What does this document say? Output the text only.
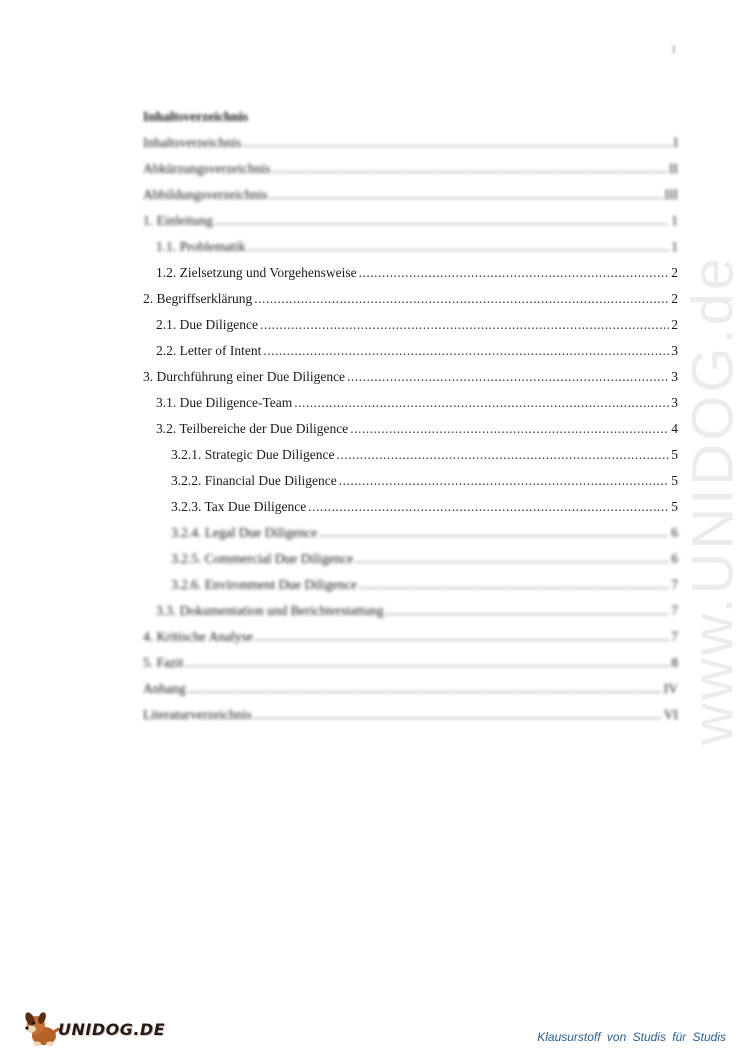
I
www.UNIDOG.de
Inhaltsverzeichnis
Inhaltsverzeichnis .....	I
Abkürzungsverzeichnis .....	II
Abbildungsverzeichnis .....	III
1. Einleitung .....	1
1.1. Problematik .....	1
1.2. Zielsetzung und Vorgehensweise .....	2
2. Begriffserklärung .....	2
2.1. Due Diligence .....	2
2.2. Letter of Intent .....	3
3. Durchführung einer Due Diligence .....	3
3.1. Due Diligence-Team .....	3
3.2. Teilbereiche der Due Diligence .....	4
3.2.1. Strategic Due Diligence .....	5
3.2.2. Financial Due Diligence .....	5
3.2.3. Tax Due Diligence .....	5
3.2.4. Legal Due Diligence .....	6
3.2.5. Commercial Due Diligence .....	6
3.2.6. Environment Due Diligence .....	7
3.3. Dokumentation und Berichterstattung .....	7
4. Kritische Analyse .....	7
5. Fazit .....	8
Anhang .....	IV
Literaturverzeichnis .....	VI
UNIDOG.DE	Klausurstoff von Studis für Studis
